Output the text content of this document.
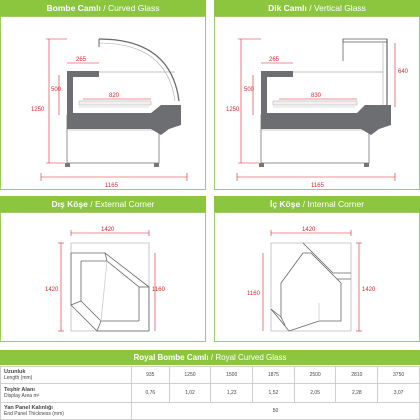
Bombe Camlı / Curved Glass
265
820
500
1250
1165
Dik Camlı / Vertical Glass
265
830
500
1250
640
1165
Dış Köşe / External Corner
1420
1420	1160
İç Köşe / Internal Corner
1420
1420
1160
Royal Bombe Camlı / Royal Curved Glass
Uzunluk
Length (mm)	935	1250	1500	1875	2500	2810	3750
Teşhir Alanı
Display Area m²	0,76	1,02	1,23	1,52	2,05	2,28	3,07
Yan Panel Kalınlığı
End Panel Thickness (mm)	50						
